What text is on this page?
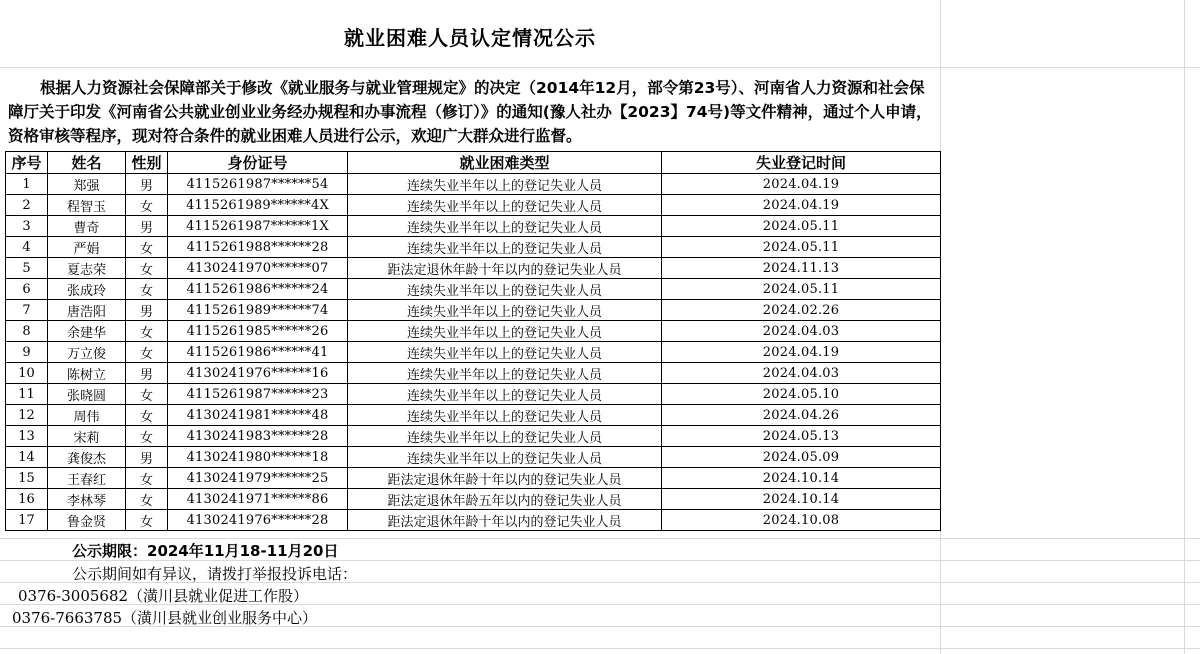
就业困难人员认定情况公示
根据人力资源社会保障部关于修改《就业服务与就业管理规定》的决定（2014年12月，部令第23号）、河南省人力资源和社会保障厅关于印发《河南省公共就业创业业务经办规程和办事流程（修订）》的通知(豫人社办【2023】74号)等文件精神，通过个人申请，资格审核等程序，现对符合条件的就业困难人员进行公示，欢迎广大群众进行监督。
序号	姓名	性别	身份证号	就业困难类型	失业登记时间
1	郑强	男	4115261987******54	连续失业半年以上的登记失业人员	2024.04.19
2	程智玉	女	4115261989******4X	连续失业半年以上的登记失业人员	2024.04.19
3	曹奇	男	4115261987******1X	连续失业半年以上的登记失业人员	2024.05.11
4	严娟	女	4115261988******28	连续失业半年以上的登记失业人员	2024.05.11
5	夏志荣	女	4130241970******07	距法定退休年龄十年以内的登记失业人员	2024.11.13
6	张成玲	女	4115261986******24	连续失业半年以上的登记失业人员	2024.05.11
7	唐浩阳	男	4115261989******74	连续失业半年以上的登记失业人员	2024.02.26
8	余建华	女	4115261985******26	连续失业半年以上的登记失业人员	2024.04.03
9	万立俊	女	4115261986******41	连续失业半年以上的登记失业人员	2024.04.19
10	陈树立	男	4130241976******16	连续失业半年以上的登记失业人员	2024.04.03
11	张晓圆	女	4115261987******23	连续失业半年以上的登记失业人员	2024.05.10
12	周伟	女	4130241981******48	连续失业半年以上的登记失业人员	2024.04.26
13	宋莉	女	4130241983******28	连续失业半年以上的登记失业人员	2024.05.13
14	龚俊杰	男	4130241980******18	连续失业半年以上的登记失业人员	2024.05.09
15	王春红	女	4130241979******25	距法定退休年龄十年以内的登记失业人员	2024.10.14
16	李林琴	女	4130241971******86	距法定退休年龄五年以内的登记失业人员	2024.10.14
17	鲁金贤	女	4130241976******28	距法定退休年龄十年以内的登记失业人员	2024.10.08
公示期限：2024年11月18-11月20日
公示期间如有异议，请拨打举报投诉电话：
0376-3005682（潢川县就业促进工作股）
0376-7663785（潢川县就业创业服务中心）
